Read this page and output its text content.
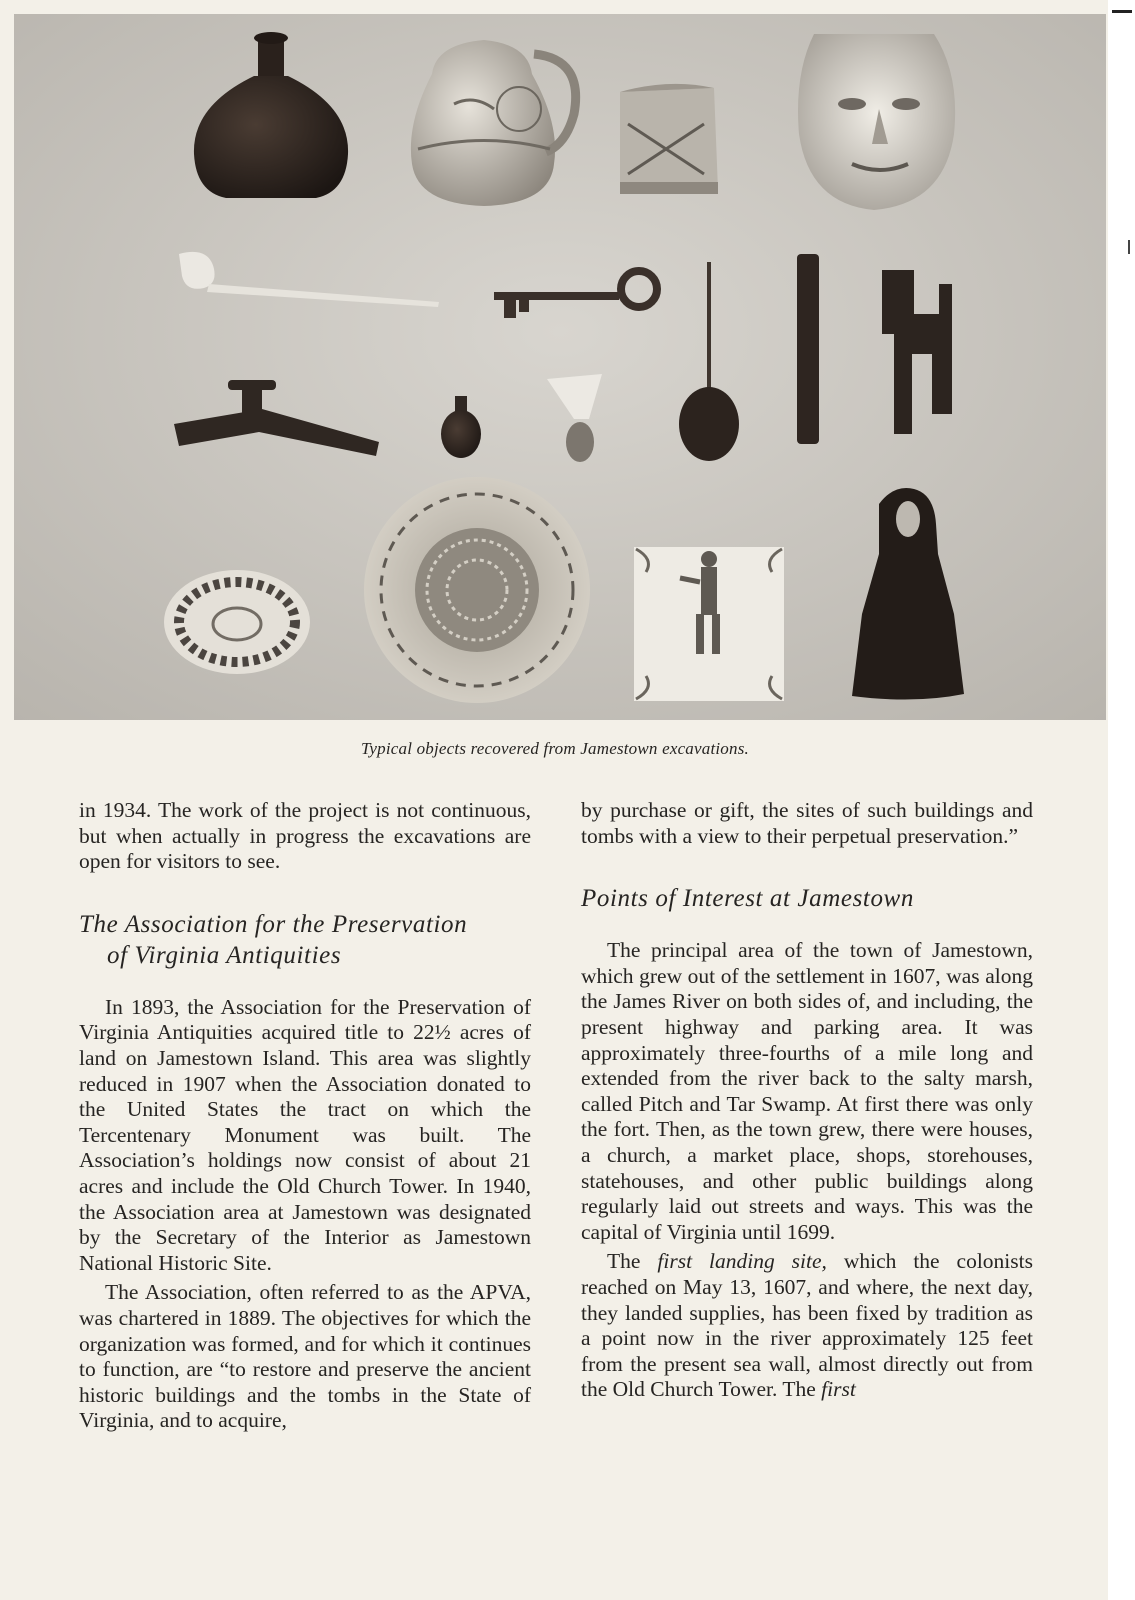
Typical objects recovered from Jamestown excavations.

in 1934. The work of the project is not continuous, but when actually in progress the excavations are open for visitors to see.

The Association for the Preservation
of Virginia Antiquities

In 1893, the Association for the Preservation of Virginia Antiquities acquired title to 22½ acres of land on Jamestown Island. This area was slightly reduced in 1907 when the Association donated to the United States the tract on which the Tercentenary Monument was built. The Association’s holdings now consist of about 21 acres and include the Old Church Tower. In 1940, the Association area at Jamestown was designated by the Secretary of the Interior as Jamestown National Historic Site.

The Association, often referred to as the APVA, was chartered in 1889. The objectives for which the organization was formed, and for which it continues to function, are “to restore and preserve the ancient historic buildings and the tombs in the State of Virginia, and to acquire,

by purchase or gift, the sites of such buildings and tombs with a view to their perpetual preservation.”

Points of Interest at Jamestown

The principal area of the town of Jamestown, which grew out of the settlement in 1607, was along the James River on both sides of, and including, the present highway and parking area. It was approximately three-fourths of a mile long and extended from the river back to the salty marsh, called Pitch and Tar Swamp. At first there was only the fort. Then, as the town grew, there were houses, a church, a market place, shops, storehouses, statehouses, and other public buildings along regularly laid out streets and ways. This was the capital of Virginia until 1699.

The first landing site, which the colonists reached on May 13, 1607, and where, the next day, they landed supplies, has been fixed by tradition as a point now in the river approximately 125 feet from the present sea wall, almost directly out from the Old Church Tower. The first
